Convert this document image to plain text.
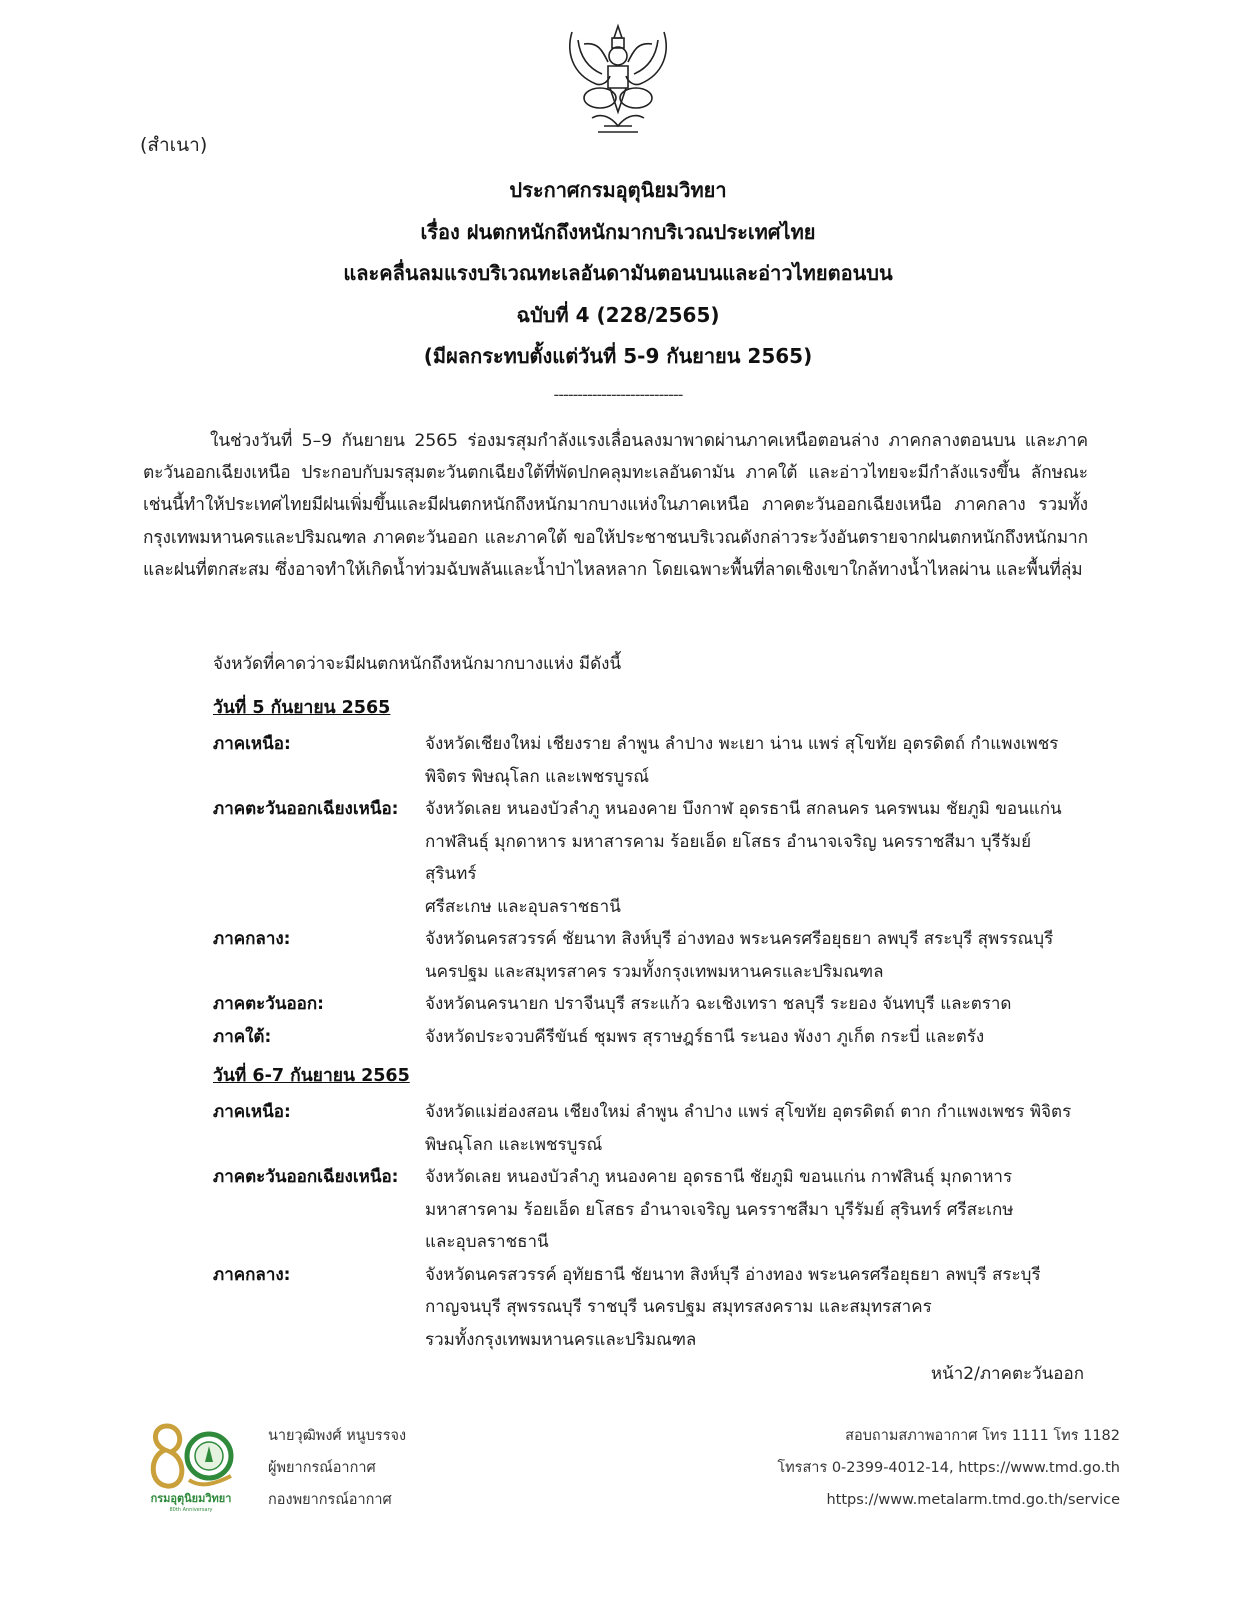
(สำเนา)
ประกาศกรมอุตุนิยมวิทยา
เรื่อง ฝนตกหนักถึงหนักมากบริเวณประเทศไทย
และคลื่นลมแรงบริเวณทะเลอันดามันตอนบนและอ่าวไทยตอนบน
ฉบับที่ 4 (228/2565)
(มีผลกระทบตั้งแต่วันที่ 5-9 กันยายน 2565)
---------------------------
ในช่วงวันที่ 5–9 กันยายน 2565 ร่องมรสุมกำลังแรงเลื่อนลงมาพาดผ่านภาคเหนือตอนล่าง ภาคกลางตอนบน และภาคตะวันออกเฉียงเหนือ ประกอบกับมรสุมตะวันตกเฉียงใต้ที่พัดปกคลุมทะเลอันดามัน ภาคใต้ และอ่าวไทยจะมีกำลังแรงขึ้น ลักษณะเช่นนี้ทำให้ประเทศไทยมีฝนเพิ่มขึ้นและมีฝนตกหนักถึงหนักมากบางแห่งในภาคเหนือ ภาคตะวันออกเฉียงเหนือ ภาคกลาง รวมทั้งกรุงเทพมหานครและปริมณฑล ภาคตะวันออก และภาคใต้ ขอให้ประชาชนบริเวณดังกล่าวระวังอันตรายจากฝนตกหนักถึงหนักมากและฝนที่ตกสะสม ซึ่งอาจทำให้เกิดน้ำท่วมฉับพลันและน้ำป่าไหลหลาก โดยเฉพาะพื้นที่ลาดเชิงเขาใกล้ทางน้ำไหลผ่าน และพื้นที่ลุ่ม
จังหวัดที่คาดว่าจะมีฝนตกหนักถึงหนักมากบางแห่ง มีดังนี้
วันที่ 5 กันยายน 2565
ภาคเหนือ:	จังหวัดเชียงใหม่ เชียงราย ลำพูน ลำปาง พะเยา น่าน แพร่ สุโขทัย อุตรดิตถ์ กำแพงเพชร
พิจิตร พิษณุโลก และเพชรบูรณ์
ภาคตะวันออกเฉียงเหนือ:	จังหวัดเลย หนองบัวลำภู หนองคาย บึงกาฬ อุดรธานี สกลนคร นครพนม ชัยภูมิ ขอนแก่น
กาฬสินธุ์ มุกดาหาร มหาสารคาม ร้อยเอ็ด ยโสธร อำนาจเจริญ นครราชสีมา บุรีรัมย์ สุรินทร์
ศรีสะเกษ และอุบลราชธานี
ภาคกลาง:	จังหวัดนครสวรรค์ ชัยนาท สิงห์บุรี อ่างทอง พระนครศรีอยุธยา ลพบุรี สระบุรี สุพรรณบุรี
นครปฐม และสมุทรสาคร รวมทั้งกรุงเทพมหานครและปริมณฑล
ภาคตะวันออก:	จังหวัดนครนายก ปราจีนบุรี สระแก้ว ฉะเชิงเทรา ชลบุรี ระยอง จันทบุรี และตราด
ภาคใต้:	จังหวัดประจวบคีรีขันธ์ ชุมพร สุราษฎร์ธานี ระนอง พังงา ภูเก็ต กระบี่ และตรัง
วันที่ 6-7 กันยายน 2565
ภาคเหนือ:	จังหวัดแม่ฮ่องสอน เชียงใหม่ ลำพูน ลำปาง แพร่ สุโขทัย อุตรดิตถ์ ตาก กำแพงเพชร พิจิตร
พิษณุโลก และเพชรบูรณ์
ภาคตะวันออกเฉียงเหนือ:	จังหวัดเลย หนองบัวลำภู หนองคาย อุดรธานี ชัยภูมิ ขอนแก่น กาฬสินธุ์ มุกดาหาร
มหาสารคาม ร้อยเอ็ด ยโสธร อำนาจเจริญ นครราชสีมา บุรีรัมย์ สุรินทร์ ศรีสะเกษ
และอุบลราชธานี
ภาคกลาง:	จังหวัดนครสวรรค์ อุทัยธานี ชัยนาท สิงห์บุรี อ่างทอง พระนครศรีอยุธยา ลพบุรี สระบุรี
กาญจนบุรี สุพรรณบุรี ราชบุรี นครปฐม สมุทรสงคราม และสมุทรสาคร
รวมทั้งกรุงเทพมหานครและปริมณฑล
หน้า2/ภาคตะวันออก
กรมอุตุนิยมวิทยา
80th Anniversary
นายวุฒิพงศ์ หนูบรรจง
ผู้พยากรณ์อากาศ
กองพยากรณ์อากาศ
สอบถามสภาพอากาศ โทร 1111 โทร 1182
โทรสาร 0-2399-4012-14, https://www.tmd.go.th
https://www.metalarm.tmd.go.th/service
